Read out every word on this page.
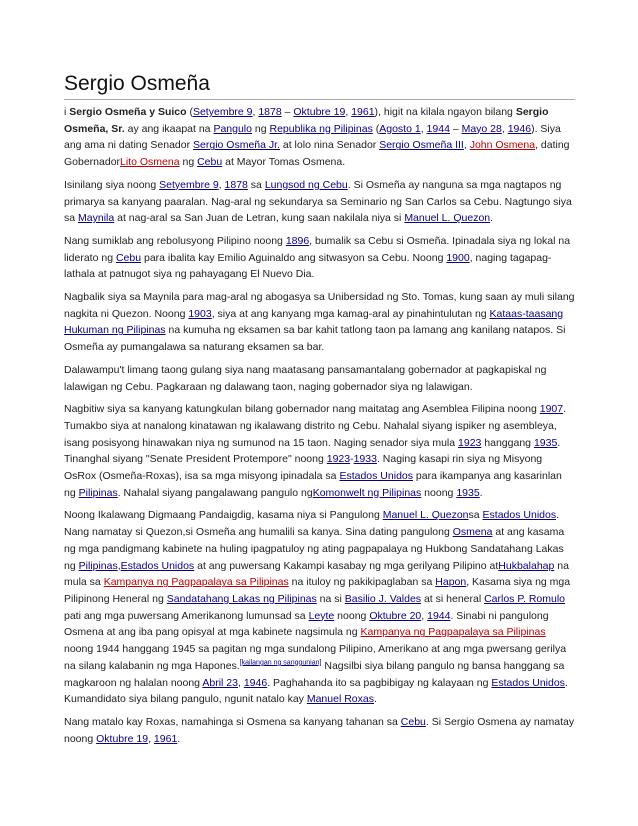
Sergio Osmeña

i Sergio Osmeña y Suico (Setyembre 9, 1878 – Oktubre 19, 1961), higit na kilala ngayon bilang Sergio Osmeña, Sr. ay ang ikaapat na Pangulo ng Republika ng Pilipinas (Agosto 1, 1944 – Mayo 28, 1946). Siya ang ama ni dating Senador Sergio Osmeña Jr. at lolo nina Senador Sergio Osmeña III, John Osmena, dating GobernadorLito Osmena ng Cebu at Mayor Tomas Osmena.

Isinilang siya noong Setyembre 9, 1878 sa Lungsod ng Cebu. Si Osmeña ay nanguna sa mga nagtapos ng primarya sa kanyang paaralan. Nag-aral ng sekundarya sa Seminario ng San Carlos sa Cebu. Nagtungo siya sa Maynila at nag-aral sa San Juan de Letran, kung saan nakilala niya si Manuel L. Quezon.

Nang sumiklab ang rebolusyong Pilipino noong 1896, bumalik sa Cebu si Osmeña. Ipinadala siya ng lokal na liderato ng Cebu para ibalita kay Emilio Aguinaldo ang sitwasyon sa Cebu. Noong 1900, naging tagapag-lathala at patnugot siya ng pahayagang El Nuevo Dia.

Nagbalik siya sa Maynila para mag-aral ng abogasya sa Unibersidad ng Sto. Tomas, kung saan ay muli silang nagkita ni Quezon. Noong 1903, siya at ang kanyang mga kamag-aral ay pinahintulutan ng Kataas-taasang Hukuman ng Pilipinas na kumuha ng eksamen sa bar kahit tatlong taon pa lamang ang kanilang natapos. Si Osmeña ay pumangalawa sa naturang eksamen sa bar.

Dalawampu't limang taong gulang siya nang maatasang pansamantalang gobernador at pagkapiskal ng lalawigan ng Cebu. Pagkaraan ng dalawang taon, naging gobernador siya ng lalawigan.

Nagbitiw siya sa kanyang katungkulan bilang gobernador nang maitatag ang Asemblea Filipina noong 1907. Tumakbo siya at nanalong kinatawan ng ikalawang distrito ng Cebu. Nahalal siyang ispiker ng asembleya, isang posisyong hinawakan niya ng sumunod na 15 taon. Naging senador siya mula 1923 hanggang 1935. Tinanghal siyang "Senate President Protempore" noong 1923-1933. Naging kasapi rin siya ng Misyong OsRox (Osmeña-Roxas), isa sa mga misyong ipinadala sa Estados Unidos para ikampanya ang kasarinlan ng Pilipinas. Nahalal siyang pangalawang pangulo ngKomonwelt ng Pilipinas noong 1935.

Noong Ikalawang Digmaang Pandaigdig, kasama niya si Pangulong Manuel L. Quezonsa Estados Unidos. Nang namatay si Quezon,si Osmeña ang humalili sa kanya. Sina dating pangulong Osmena at ang kasama ng mga pandigmang kabinete na huling ipagpatuloy ng ating pagpapalaya ng Hukbong Sandatahang Lakas ng Pilipinas,Estados Unidos at ang puwersang Kakampi kasabay ng mga gerilyang Pilipino atHukbalahap na mula sa Kampanya ng Pagpapalaya sa Pilipinas na ituloy ng pakikipaglaban sa Hapon, Kasama siya ng mga Pilipinong Heneral ng Sandatahang Lakas ng Pilipinas na si Basilio J. Valdes at si heneral Carlos P. Romulo pati ang mga puwersang Amerikanong lumunsad sa Leyte noong Oktubre 20, 1944. Sinabi ni pangulong Osmena at ang iba pang opisyal at mga kabinete nagsimula ng Kampanya ng Pagpapalaya sa Pilipinas noong 1944 hanggang 1945 sa pagitan ng mga sundalong Pilipino, Amerikano at ang mga pwersang gerilya na silang kalabanin ng mga Hapones.[kailangan ng sanggunian] Nagsilbi siya bilang pangulo ng bansa hanggang sa magkaroon ng halalan noong Abril 23, 1946. Paghahanda ito sa pagbibigay ng kalayaan ng Estados Unidos. Kumandidato siya bilang pangulo, ngunit natalo kay Manuel Roxas.

Nang matalo kay Roxas, namahinga si Osmena sa kanyang tahanan sa Cebu. Si Sergio Osmena ay namatay noong Oktubre 19, 1961.
